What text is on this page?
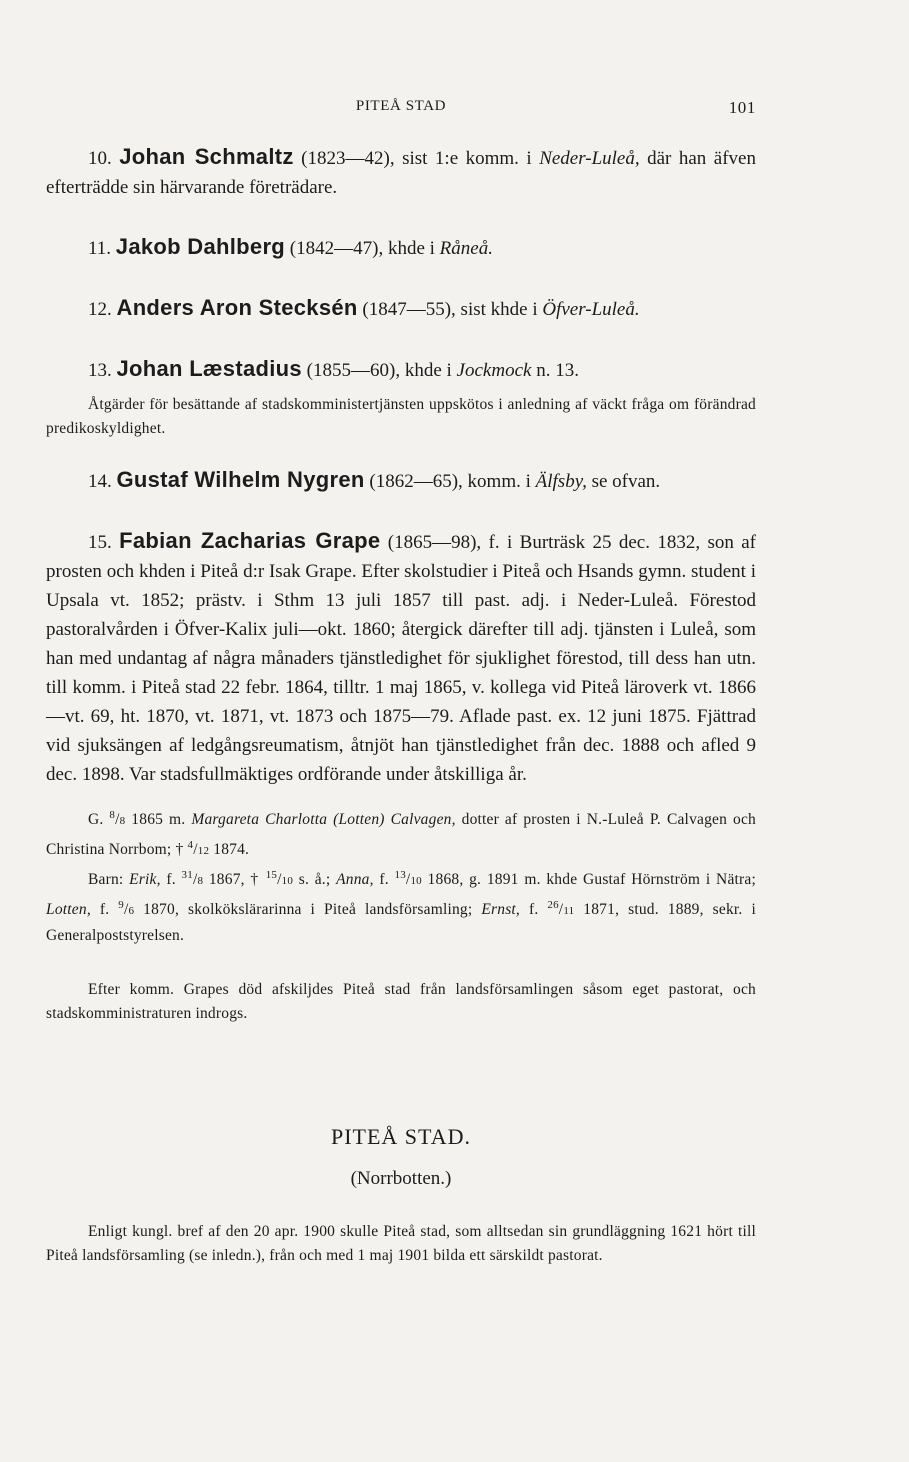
PITEÅ STAD	101

10. Johan Schmaltz (1823—42), sist 1:e komm. i Neder-Luleå, där han äfven efterträdde sin härvarande företrädare.

11. Jakob Dahlberg (1842—47), khde i Råneå.

12. Anders Aron Stecksén (1847—55), sist khde i Öfver-Luleå.

13. Johan Læstadius (1855—60), khde i Jockmock n. 13.

Åtgärder för besättande af stadskomministertjänsten uppskötos i anledning af väckt fråga om förändrad predikoskyldighet.

14. Gustaf Wilhelm Nygren (1862—65), komm. i Älfsby, se ofvan.

15. Fabian Zacharias Grape (1865—98), f. i Burträsk 25 dec. 1832, son af prosten och khden i Piteå d:r Isak Grape. Efter skolstudier i Piteå och Hsands gymn. student i Upsala vt. 1852; prästv. i Sthm 13 juli 1857 till past. adj. i Neder-Luleå. Förestod pastoralvården i Öfver-Kalix juli—okt. 1860; återgick därefter till adj. tjänsten i Luleå, som han med undantag af några månaders tjänstledighet för sjuklighet förestod, till dess han utn. till komm. i Piteå stad 22 febr. 1864, tilltr. 1 maj 1865, v. kollega vid Piteå läroverk vt. 1866—vt. 69, ht. 1870, vt. 1871, vt. 1873 och 1875—79. Aflade past. ex. 12 juni 1875. Fjättrad vid sjuksängen af ledgångsreumatism, åtnjöt han tjänstledighet från dec. 1888 och afled 9 dec. 1898. Var stadsfullmäktiges ordförande under åtskilliga år.

G. $^8$/8 1865 m. Margareta Charlotta (Lotten) Calvagen, dotter af prosten i N.-Luleå P. Calvagen och Christina Norrbom; † $^4$/12 1874.

Barn: Erik, f. $^{31}$/8 1867, † $^{15}$/10 s. å.; Anna, f. $^{13}$/10 1868, g. 1891 m. khde Gustaf Hörnström i Nätra; Lotten, f. $^9$/6 1870, skolkökslärarinna i Piteå landsförsamling; Ernst, f. $^{26}$/11 1871, stud. 1889, sekr. i Generalpoststyrelsen.

Efter komm. Grapes död afskiljdes Piteå stad från landsförsamlingen såsom eget pastorat, och stadskomministraturen indrogs.

PITEÅ STAD.

(Norrbotten.)

Enligt kungl. bref af den 20 apr. 1900 skulle Piteå stad, som alltsedan sin grundläggning 1621 hört till Piteå landsförsamling (se inledn.), från och med 1 maj 1901 bilda ett särskildt pastorat.
